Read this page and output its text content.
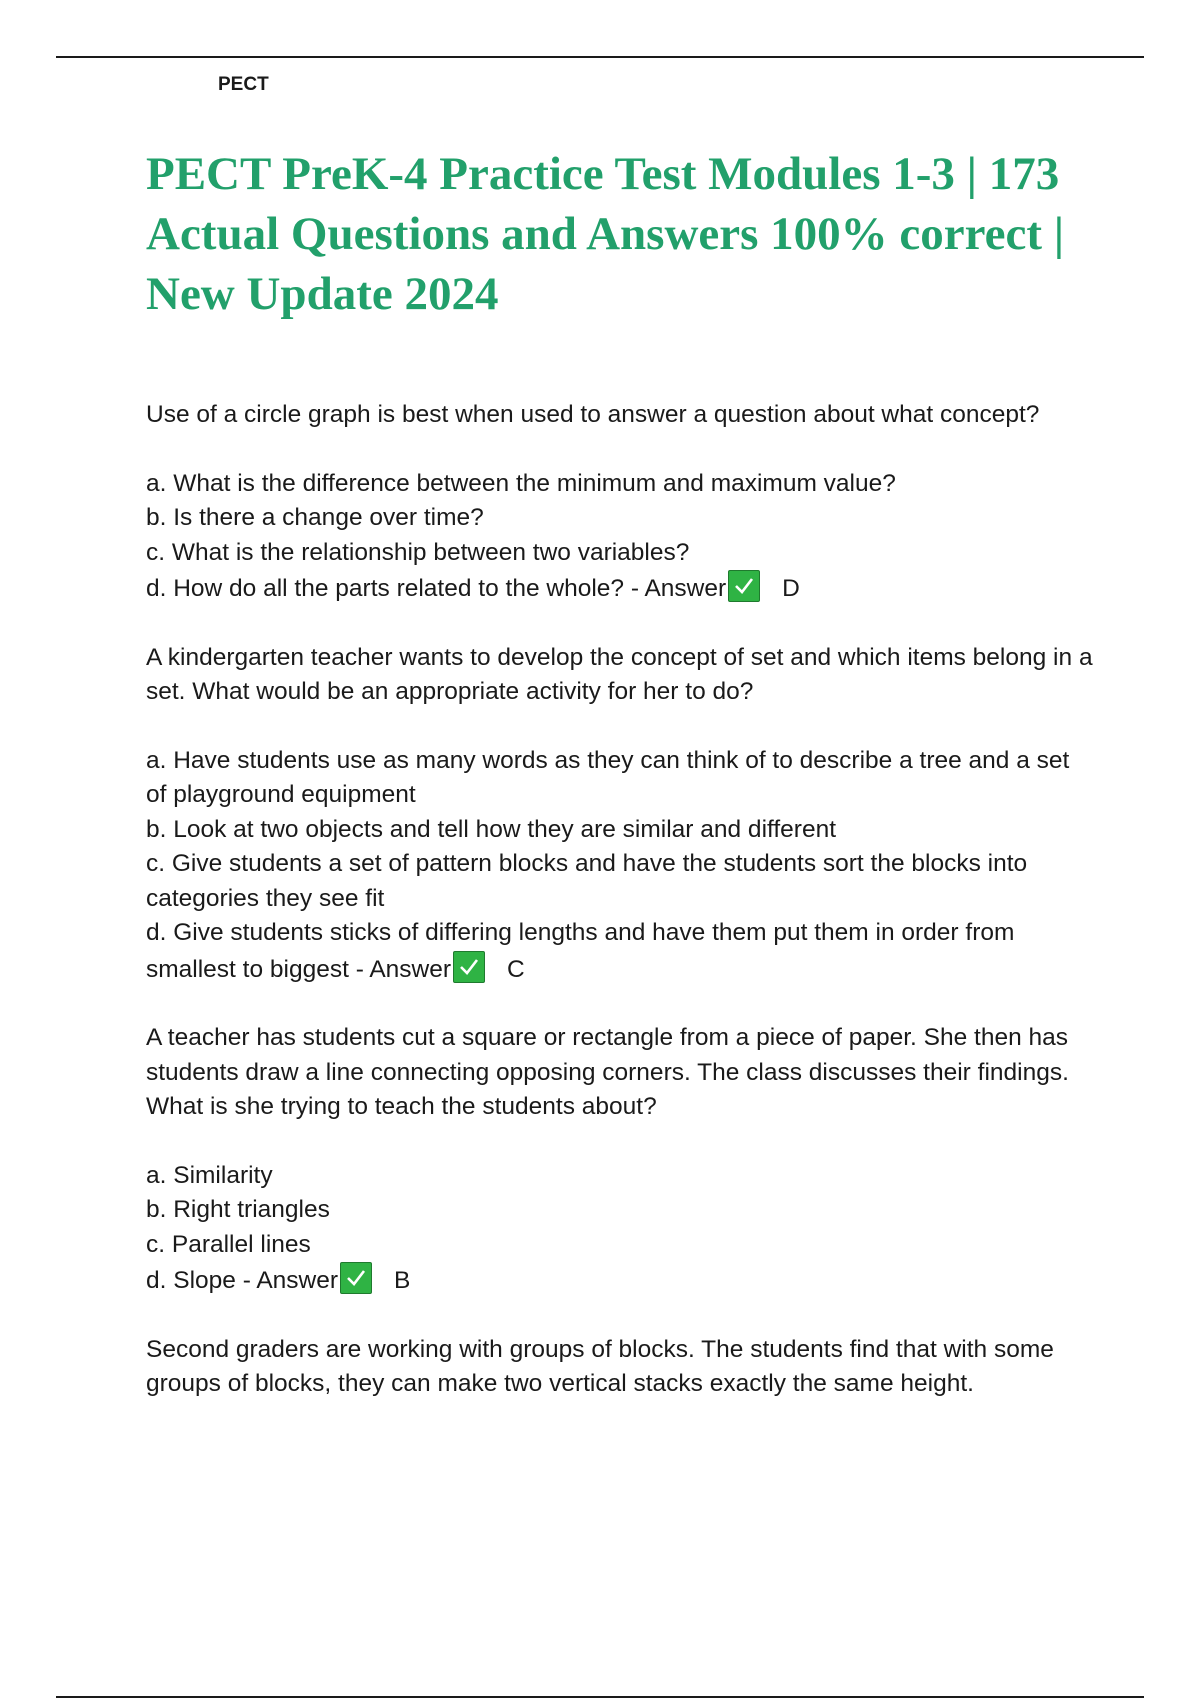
PECT
PECT PreK-4 Practice Test Modules 1-3 | 173 Actual Questions and Answers 100% correct | New Update 2024

Use of a circle graph is best when used to answer a question about what concept?

a. What is the difference between the minimum and maximum value?
b. Is there a change over time?
c. What is the relationship between two variables?
d. How do all the parts related to the whole? - Answer D

A kindergarten teacher wants to develop the concept of set and which items belong in a set. What would be an appropriate activity for her to do?

a. Have students use as many words as they can think of to describe a tree and a set of playground equipment
b. Look at two objects and tell how they are similar and different
c. Give students a set of pattern blocks and have the students sort the blocks into categories they see fit
d. Give students sticks of differing lengths and have them put them in order from smallest to biggest - Answer C

A teacher has students cut a square or rectangle from a piece of paper. She then has students draw a line connecting opposing corners. The class discusses their findings. What is she trying to teach the students about?

a. Similarity
b. Right triangles
c. Parallel lines
d. Slope - Answer B

Second graders are working with groups of blocks. The students find that with some groups of blocks, they can make two vertical stacks exactly the same height.
